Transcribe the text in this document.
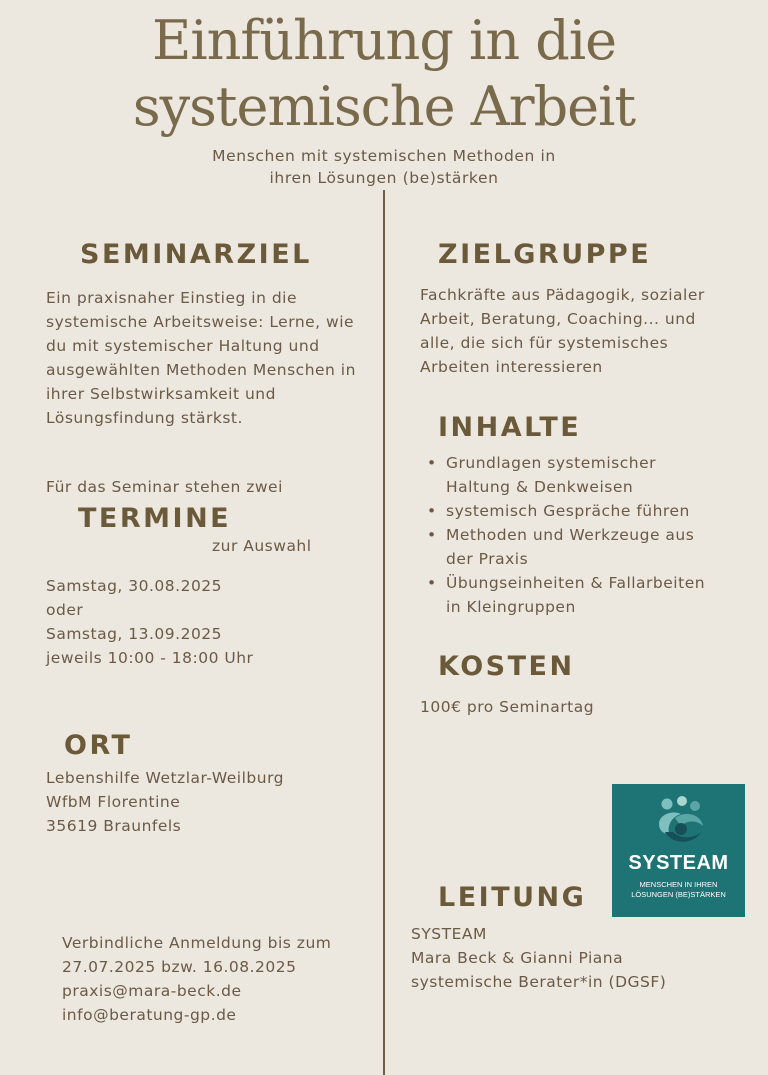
Einführung in die
systemische Arbeit
Menschen mit systemischen Methoden in
ihren Lösungen (be)stärken
SEMINARZIEL
Ein praxisnaher Einstieg in die
systemische Arbeitsweise: Lerne, wie
du mit systemischer Haltung und
ausgewählten Methoden Menschen in
ihrer Selbstwirksamkeit und
Lösungsfindung stärkst.
Für das Seminar stehen zwei
TERMINE
zur Auswahl
Samstag, 30.08.2025
oder
Samstag, 13.09.2025
jeweils 10:00 - 18:00 Uhr
ORT
Lebenshilfe Wetzlar-Weilburg
WfbM Florentine
35619 Braunfels
Verbindliche Anmeldung bis zum
27.07.2025 bzw. 16.08.2025
praxis@mara-beck.de
info@beratung-gp.de
ZIELGRUPPE
Fachkräfte aus Pädagogik, sozialer
Arbeit, Beratung, Coaching... und
alle, die sich für systemisches
Arbeiten interessieren
INHALTE
• Grundlagen systemischer
Haltung & Denkweisen
• systemisch Gespräche führen
• Methoden und Werkzeuge aus
der Praxis
• Übungseinheiten & Fallarbeiten
in Kleingruppen
KOSTEN
100€ pro Seminartag
LEITUNG
SYSTEAM
Mara Beck & Gianni Piana
systemische Berater*in (DGSF)
SYSTEAM
MENSCHEN IN IHREN
LÖSUNGEN (BE)STÄRKEN
